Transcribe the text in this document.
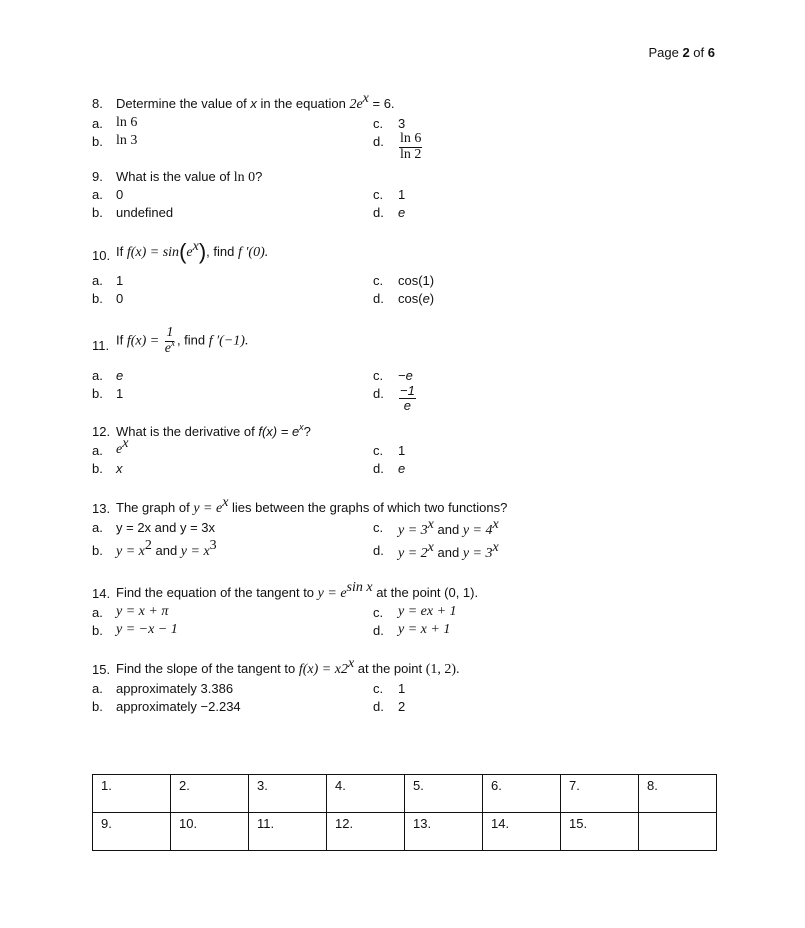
Page 2 of 6
8. Determine the value of x in the equation $2e^x = 6$.
a. ln 6
b. ln 3
c. 3
d. $\frac{\ln 6}{\ln 2}$
9. What is the value of ln 0?
a. 0
b. undefined
c. 1
d. e
10. If $f(x) = \sin(e^x)$, find f ′(0).
a. 1
b. 0
c. cos(1)
d. cos(e)
11. If $f(x) = \frac{1}{e^x}$ , find f ′(−1).
a. e
b. 1
c. −e
d. $\frac{-1}{e}$
12. What is the derivative of $f(x) = e^x$?
a. $e^x$
b. x
c. 1
d. e
13. The graph of $y = e^x$ lies between the graphs of which two functions?
a. y = 2x and y = 3x
b. $y = x^2$ and $y = x^3$
c. $y = 3^x$ and $y = 4^x$
d. $y = 2^x$ and $y = 3^x$
14. Find the equation of the tangent to $y = e^{sin x}$ at the point (0, 1).
a. y = x + π
b. y = −x − 1
c. y = ex + 1
d. y = x + 1
15. Find the slope of the tangent to $f(x) = x2^x$ at the point (1, 2).
a. approximately 3.386
b. approximately −2.234
c. 1
d. 2
1.	2.	3.	4.	5.	6.	7.	8.
9.	10.	11.	12.	13.	14.	15.	
